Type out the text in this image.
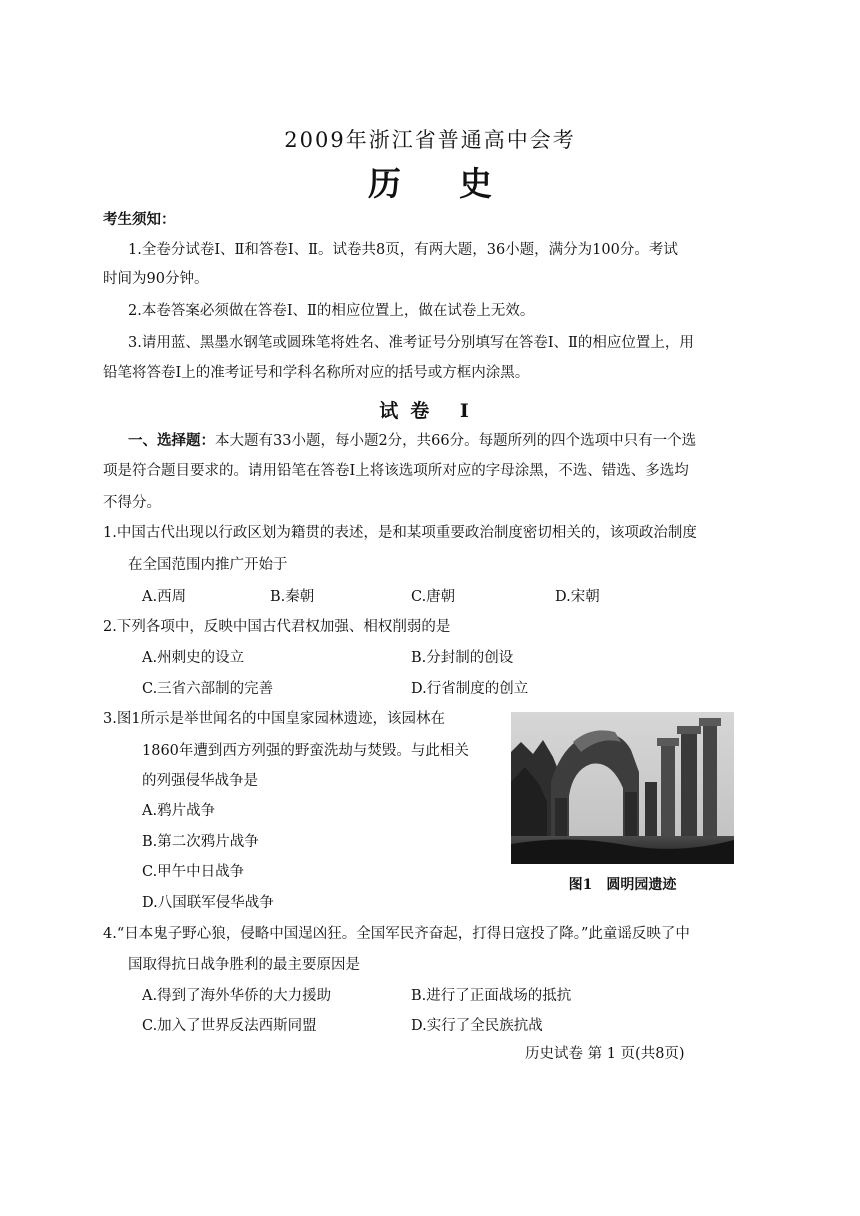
2009年浙江省普通高中会考
历史
考生须知：
1.全卷分试卷Ⅰ、Ⅱ和答卷Ⅰ、Ⅱ。试卷共8页，有两大题，36小题，满分为100分。考试
时间为90分钟。
2.本卷答案必须做在答卷Ⅰ、Ⅱ的相应位置上，做在试卷上无效。
3.请用蓝、黑墨水钢笔或圆珠笔将姓名、准考证号分别填写在答卷Ⅰ、Ⅱ的相应位置上，用
铅笔将答卷Ⅰ上的准考证号和学科名称所对应的括号或方框内涂黑。
试卷 Ⅰ
一、选择题：本大题有33小题，每小题2分，共66分。每题所列的四个选项中只有一个选
项是符合题目要求的。请用铅笔在答卷Ⅰ上将该选项所对应的字母涂黑，不选、错选、多选均
不得分。
1.中国古代出现以行政区划为籍贯的表述，是和某项重要政治制度密切相关的，该项政治制度
在全国范围内推广开始于
A.西周	B.秦朝	C.唐朝	D.宋朝
2.下列各项中，反映中国古代君权加强、相权削弱的是
A.州刺史的设立	B.分封制的创设
C.三省六部制的完善	D.行省制度的创立
3.图1所示是举世闻名的中国皇家园林遗迹，该园林在
1860年遭到西方列强的野蛮洗劫与焚毁。与此相关
的列强侵华战争是
A.鸦片战争
B.第二次鸦片战争
C.甲午中日战争
D.八国联军侵华战争
图1　圆明园遗迹
4.“日本鬼子野心狼，侵略中国逞凶狂。全国军民齐奋起，打得日寇投了降。”此童谣反映了中
国取得抗日战争胜利的最主要原因是
A.得到了海外华侨的大力援助	B.进行了正面战场的抵抗
C.加入了世界反法西斯同盟	D.实行了全民族抗战
历史试卷 第 1 页(共8页)
